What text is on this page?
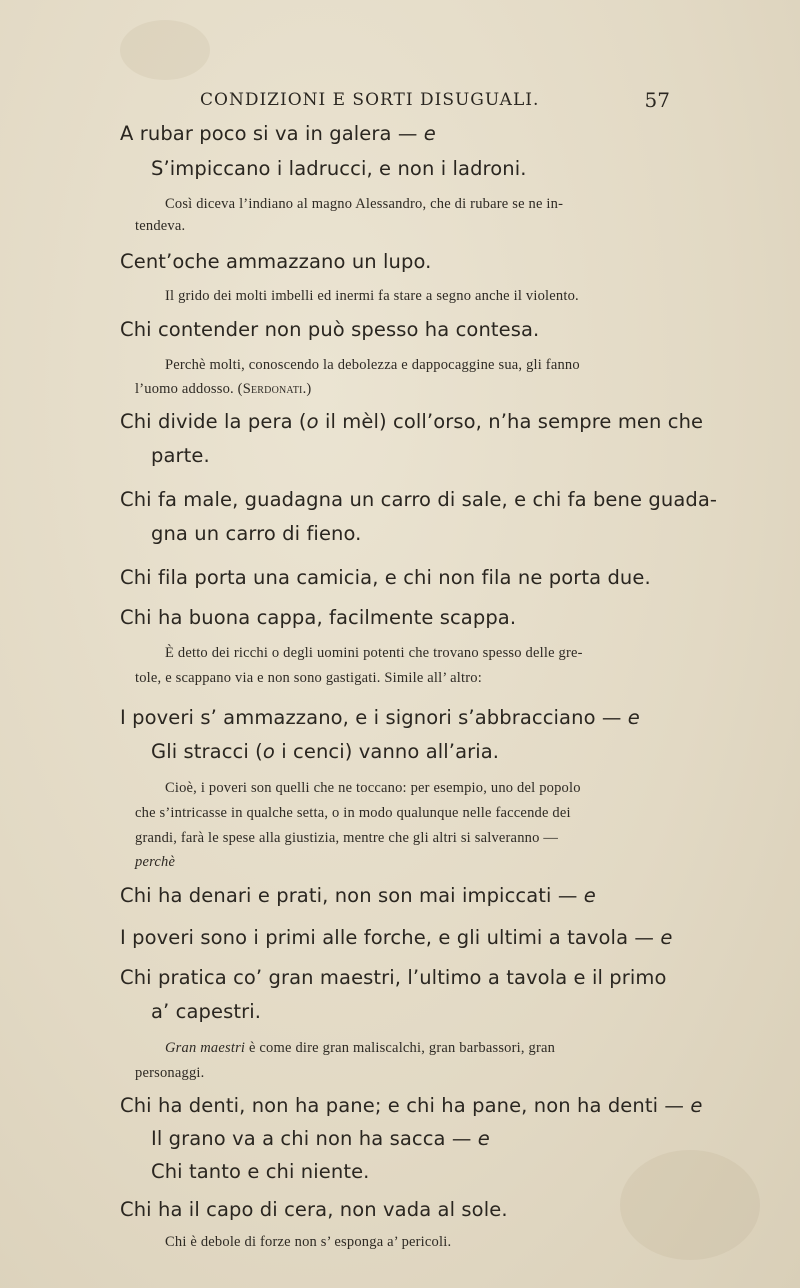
CONDIZIONI E SORTI DISUGUALI.	57

A rubar poco si va in galera — e

S’impiccano i ladrucci, e non i ladroni.

Così diceva l’indiano al magno Alessandro, che di rubare se ne in-

tendeva.

Cent’oche ammazzano un lupo.

Il grido dei molti imbelli ed inermi fa stare a segno anche il violento.

Chi contender non può spesso ha contesa.

Perchè molti, conoscendo la debolezza e dappocaggine sua, gli fanno

l’uomo addosso. (Serdonati.)

Chi divide la pera (o il mèl) coll’orso, n’ha sempre men che

parte.

Chi fa male, guadagna un carro di sale, e chi fa bene guada-

gna un carro di fieno.

Chi fila porta una camicia, e chi non fila ne porta due.

Chi ha buona cappa, facilmente scappa.

È detto dei ricchi o degli uomini potenti che trovano spesso delle gre-

tole, e scappano via e non sono gastigati. Simile all’ altro:

I poveri s’ ammazzano, e i signori s’abbracciano — e

Gli stracci (o i cenci) vanno all’aria.

Cioè, i poveri son quelli che ne toccano: per esempio, uno del popolo

che s’intricasse in qualche setta, o in modo qualunque nelle faccende dei

grandi, farà le spese alla giustizia, mentre che gli altri si salveranno —

perchè

Chi ha denari e prati, non son mai impiccati — e

I poveri sono i primi alle forche, e gli ultimi a tavola — e

Chi pratica co’ gran maestri, l’ultimo a tavola e il primo

a’ capestri.

Gran maestri è come dire gran maliscalchi, gran barbassori, gran

personaggi.

Chi ha denti, non ha pane; e chi ha pane, non ha denti — e

Il grano va a chi non ha sacca — e

Chi tanto e chi niente.

Chi ha il capo di cera, non vada al sole.

Chi è debole di forze non s’ esponga a’ pericoli.
